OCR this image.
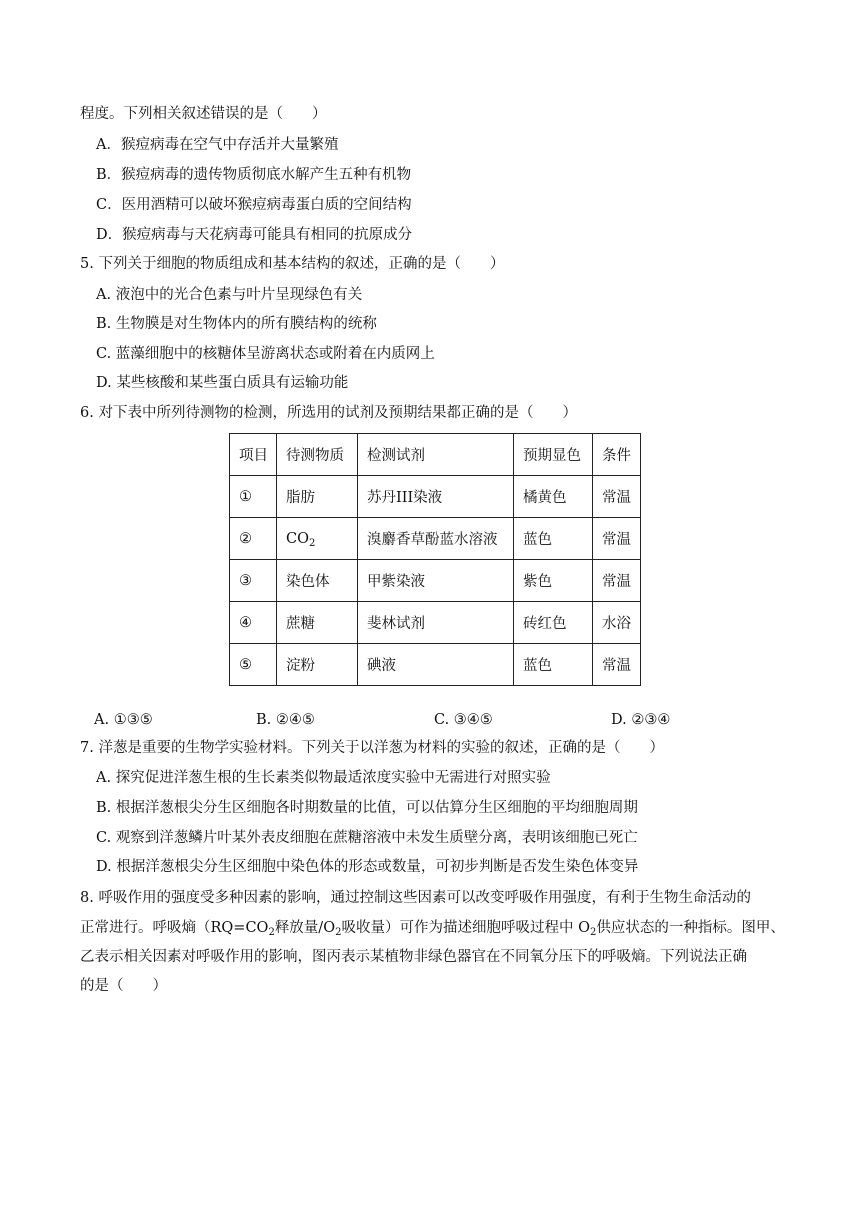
程度。下列相关叙述错误的是（　　）
A．猴痘病毒在空气中存活并大量繁殖
B．猴痘病毒的遗传物质彻底水解产生五种有机物
C．医用酒精可以破坏猴痘病毒蛋白质的空间结构
D．猴痘病毒与天花病毒可能具有相同的抗原成分
5. 下列关于细胞的物质组成和基本结构的叙述，正确的是（　　）
A. 液泡中的光合色素与叶片呈现绿色有关
B. 生物膜是对生物体内的所有膜结构的统称
C. 蓝藻细胞中的核糖体呈游离状态或附着在内质网上
D. 某些核酸和某些蛋白质具有运输功能
6. 对下表中所列待测物的检测，所选用的试剂及预期结果都正确的是（　　）
项目	待测物质	检测试剂	预期显色	条件
①	脂肪	苏丹III染液	橘黄色	常温
②	$CO_2$	溴麝香草酚蓝水溶液	蓝色	常温
③	染色体	甲紫染液	紫色	常温
④	蔗糖	斐林试剂	砖红色	水浴
⑤	淀粉	碘液	蓝色	常温
A. ①③⑤	B. ②④⑤	C. ③④⑤	D. ②③④
7. 洋葱是重要的生物学实验材料。下列关于以洋葱为材料的实验的叙述，正确的是（　　）
A. 探究促进洋葱生根的生长素类似物最适浓度实验中无需进行对照实验
B. 根据洋葱根尖分生区细胞各时期数量的比值，可以估算分生区细胞的平均细胞周期
C. 观察到洋葱鳞片叶某外表皮细胞在蔗糖溶液中未发生质壁分离，表明该细胞已死亡
D. 根据洋葱根尖分生区细胞中染色体的形态或数量，可初步判断是否发生染色体变异
8. 呼吸作用的强度受多种因素的影响，通过控制这些因素可以改变呼吸作用强度，有利于生物生命活动的
正常进行。呼吸熵（$RQ=CO_2$释放量$/O_2$吸收量）可作为描述细胞呼吸过程中 $O_2$供应状态的一种指标。图甲、
乙表示相关因素对呼吸作用的影响，图丙表示某植物非绿色器官在不同氧分压下的呼吸熵。下列说法正确
的是（　　）
